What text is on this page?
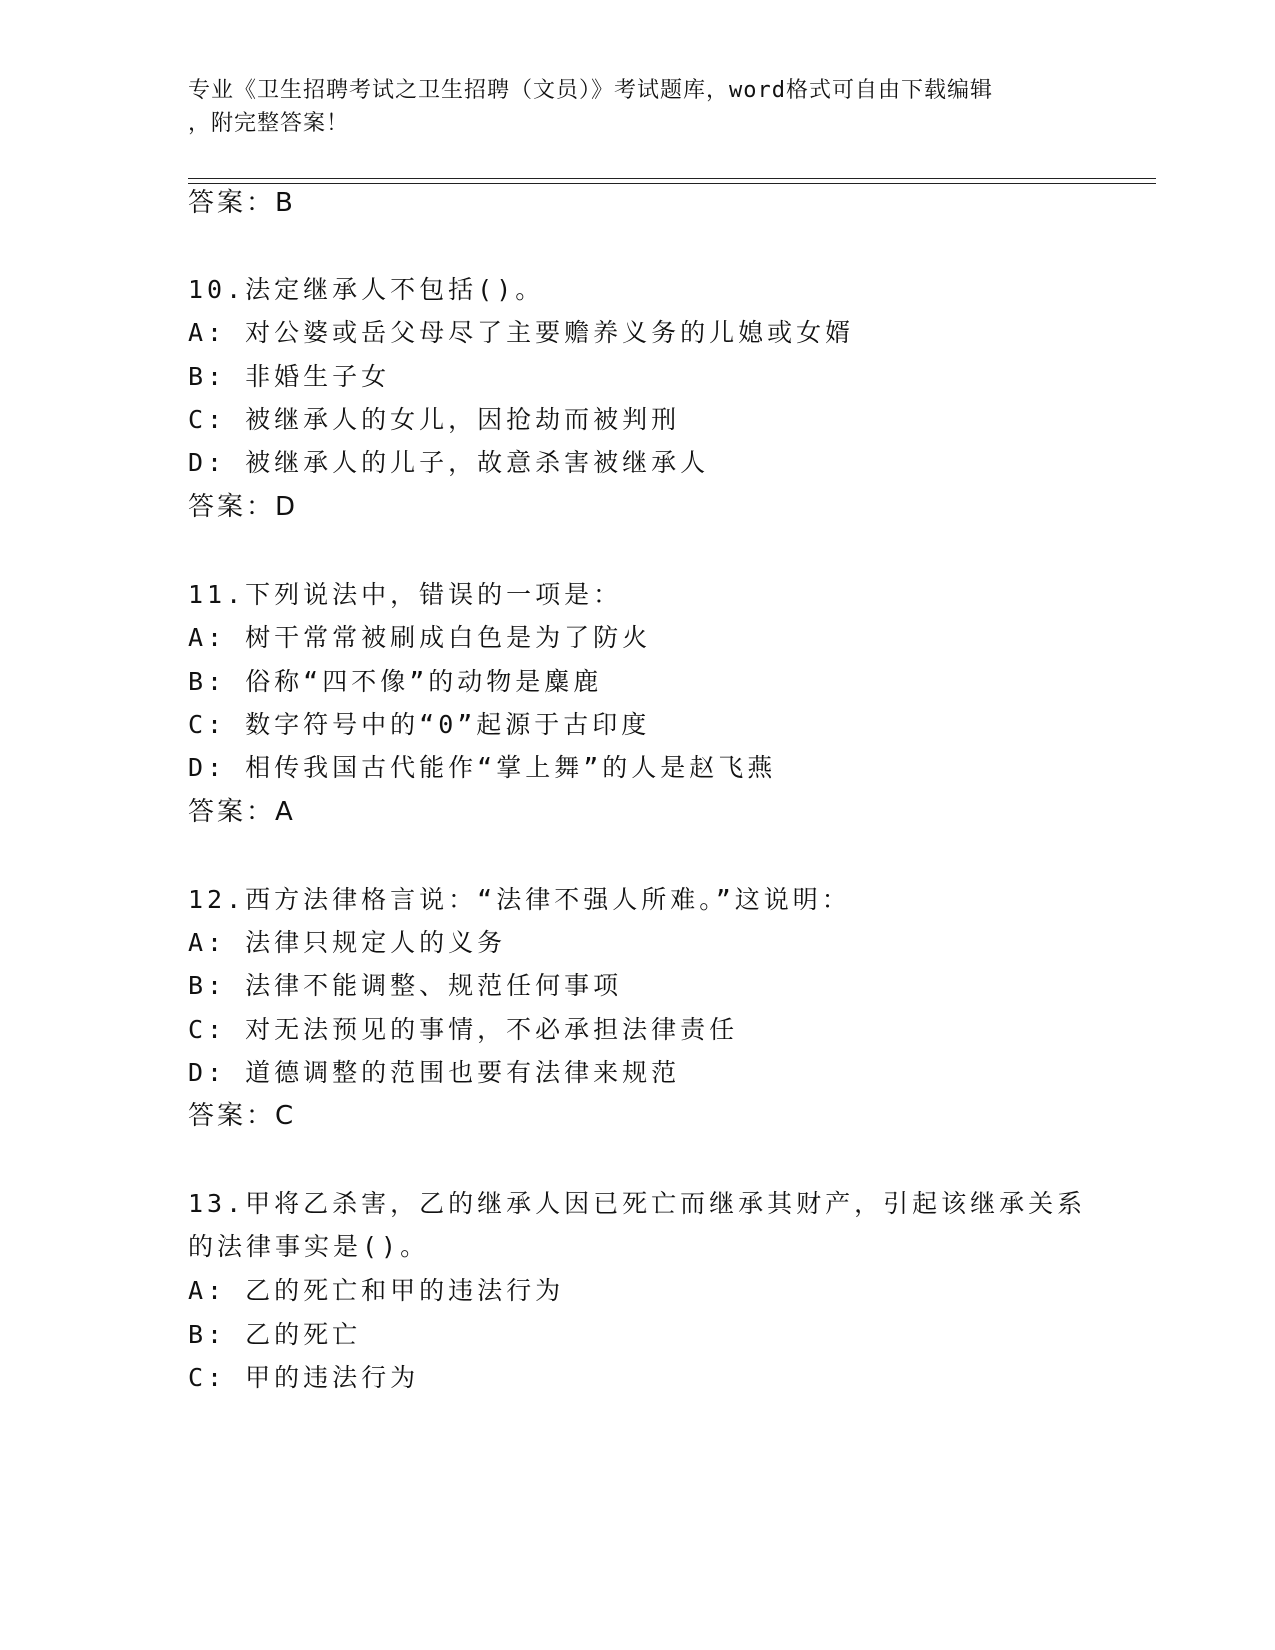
专业《卫生招聘考试之卫生招聘（文员）》考试题库，word格式可自由下载编辑
，附完整答案！
答案：B
10.法定继承人不包括()。
A: 对公婆或岳父母尽了主要赡养义务的儿媳或女婿
B: 非婚生子女
C: 被继承人的女儿，因抢劫而被判刑
D: 被继承人的儿子，故意杀害被继承人
答案：D
11.下列说法中，错误的一项是：
A: 树干常常被刷成白色是为了防火
B: 俗称“四不像”的动物是麋鹿
C: 数字符号中的“0”起源于古印度
D: 相传我国古代能作“掌上舞”的人是赵飞燕
答案：A
12.西方法律格言说：“法律不强人所难。”这说明：
A: 法律只规定人的义务
B: 法律不能调整、规范任何事项
C: 对无法预见的事情，不必承担法律责任
D: 道德调整的范围也要有法律来规范
答案：C
13.甲将乙杀害，乙的继承人因已死亡而继承其财产，引起该继承关系
的法律事实是()。
A: 乙的死亡和甲的违法行为
B: 乙的死亡
C: 甲的违法行为
